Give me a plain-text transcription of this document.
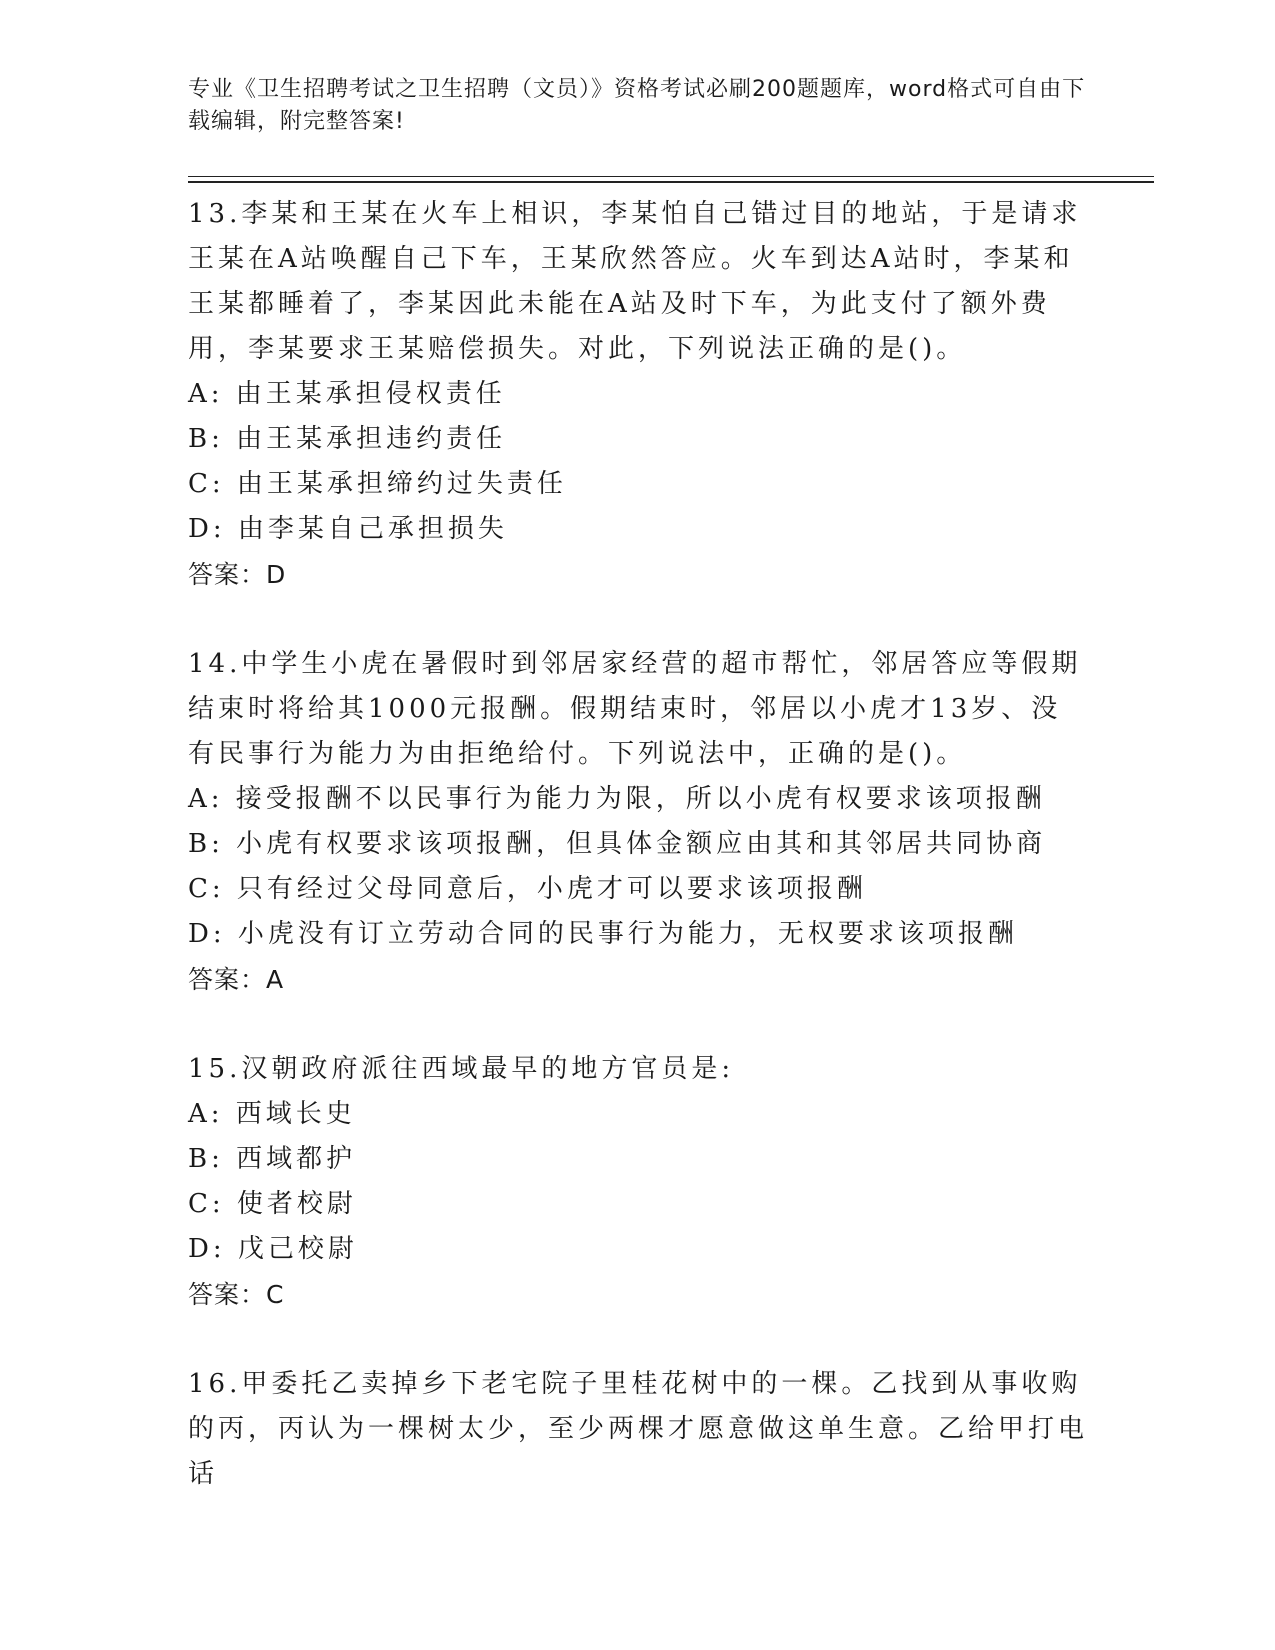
专业《卫生招聘考试之卫生招聘（文员）》资格考试必刷200题题库，word格式可自由下载编辑，附完整答案!

13.李某和王某在火车上相识，李某怕自己错过目的地站，于是请求王某在A站唤醒自己下车，王某欣然答应。火车到达A站时，李某和王某都睡着了，李某因此未能在A站及时下车，为此支付了额外费用，李某要求王某赔偿损失。对此，下列说法正确的是()。

A: 由王某承担侵权责任

B: 由王某承担违约责任

C: 由王某承担缔约过失责任

D: 由李某自己承担损失

答案：D

14.中学生小虎在暑假时到邻居家经营的超市帮忙，邻居答应等假期结束时将给其1000元报酬。假期结束时，邻居以小虎才13岁、没有民事行为能力为由拒绝给付。下列说法中，正确的是()。

A: 接受报酬不以民事行为能力为限，所以小虎有权要求该项报酬

B: 小虎有权要求该项报酬，但具体金额应由其和其邻居共同协商

C: 只有经过父母同意后，小虎才可以要求该项报酬

D: 小虎没有订立劳动合同的民事行为能力，无权要求该项报酬

答案：A

15.汉朝政府派往西域最早的地方官员是:

A: 西域长史

B: 西域都护

C: 使者校尉

D: 戊己校尉

答案：C

16.甲委托乙卖掉乡下老宅院子里桂花树中的一棵。乙找到从事收购的丙，丙认为一棵树太少，至少两棵才愿意做这单生意。乙给甲打电话
